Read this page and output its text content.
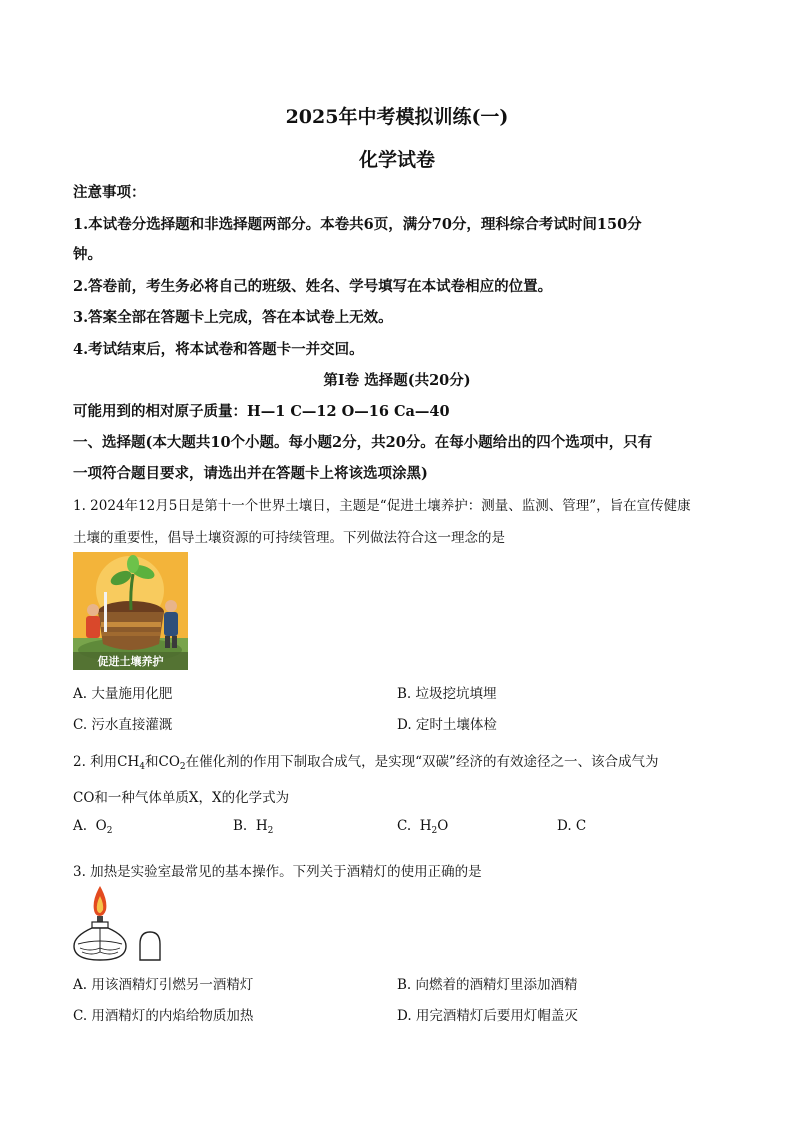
2025年中考模拟训练(一)
化学试卷
注意事项：
1.本试卷分选择题和非选择题两部分。本卷共6页，满分70分，理科综合考试时间150分
钟。
2.答卷前，考生务必将自己的班级、姓名、学号填写在本试卷相应的位置。
3.答案全部在答题卡上完成，答在本试卷上无效。
4.考试结束后，将本试卷和答题卡一并交回。
第Ⅰ卷 选择题(共20分)
可能用到的相对原子质量：H—1 C—12 O—16 Ca—40
一、选择题(本大题共10个小题。每小题2分，共20分。在每小题给出的四个选项中，只有
一项符合题目要求，请选出并在答题卡上将该选项涂黑)
1. 2024年12月5日是第十一个世界土壤日，主题是“促进土壤养护：测量、监测、管理”，旨在宣传健康
土壤的重要性，倡导土壤资源的可持续管理。下列做法符合这一理念的是
促进土壤养护
A. 大量施用化肥	B. 垃圾挖坑填埋
C. 污水直接灌溉	D. 定时土壤体检
2. 利用$CH_4$和$CO_2$在催化剂的作用下制取合成气，是实现“双碳”经济的有效途径之一、该合成气为
CO和一种气体单质X，X的化学式为
A. $O_2$	B. $H_2$	C. $H_2O$	D. C
3. 加热是实验室最常见的基本操作。下列关于酒精灯的使用正确的是
A. 用该酒精灯引燃另一酒精灯	B. 向燃着的酒精灯里添加酒精
C. 用酒精灯的内焰给物质加热	D. 用完酒精灯后要用灯帽盖灭
